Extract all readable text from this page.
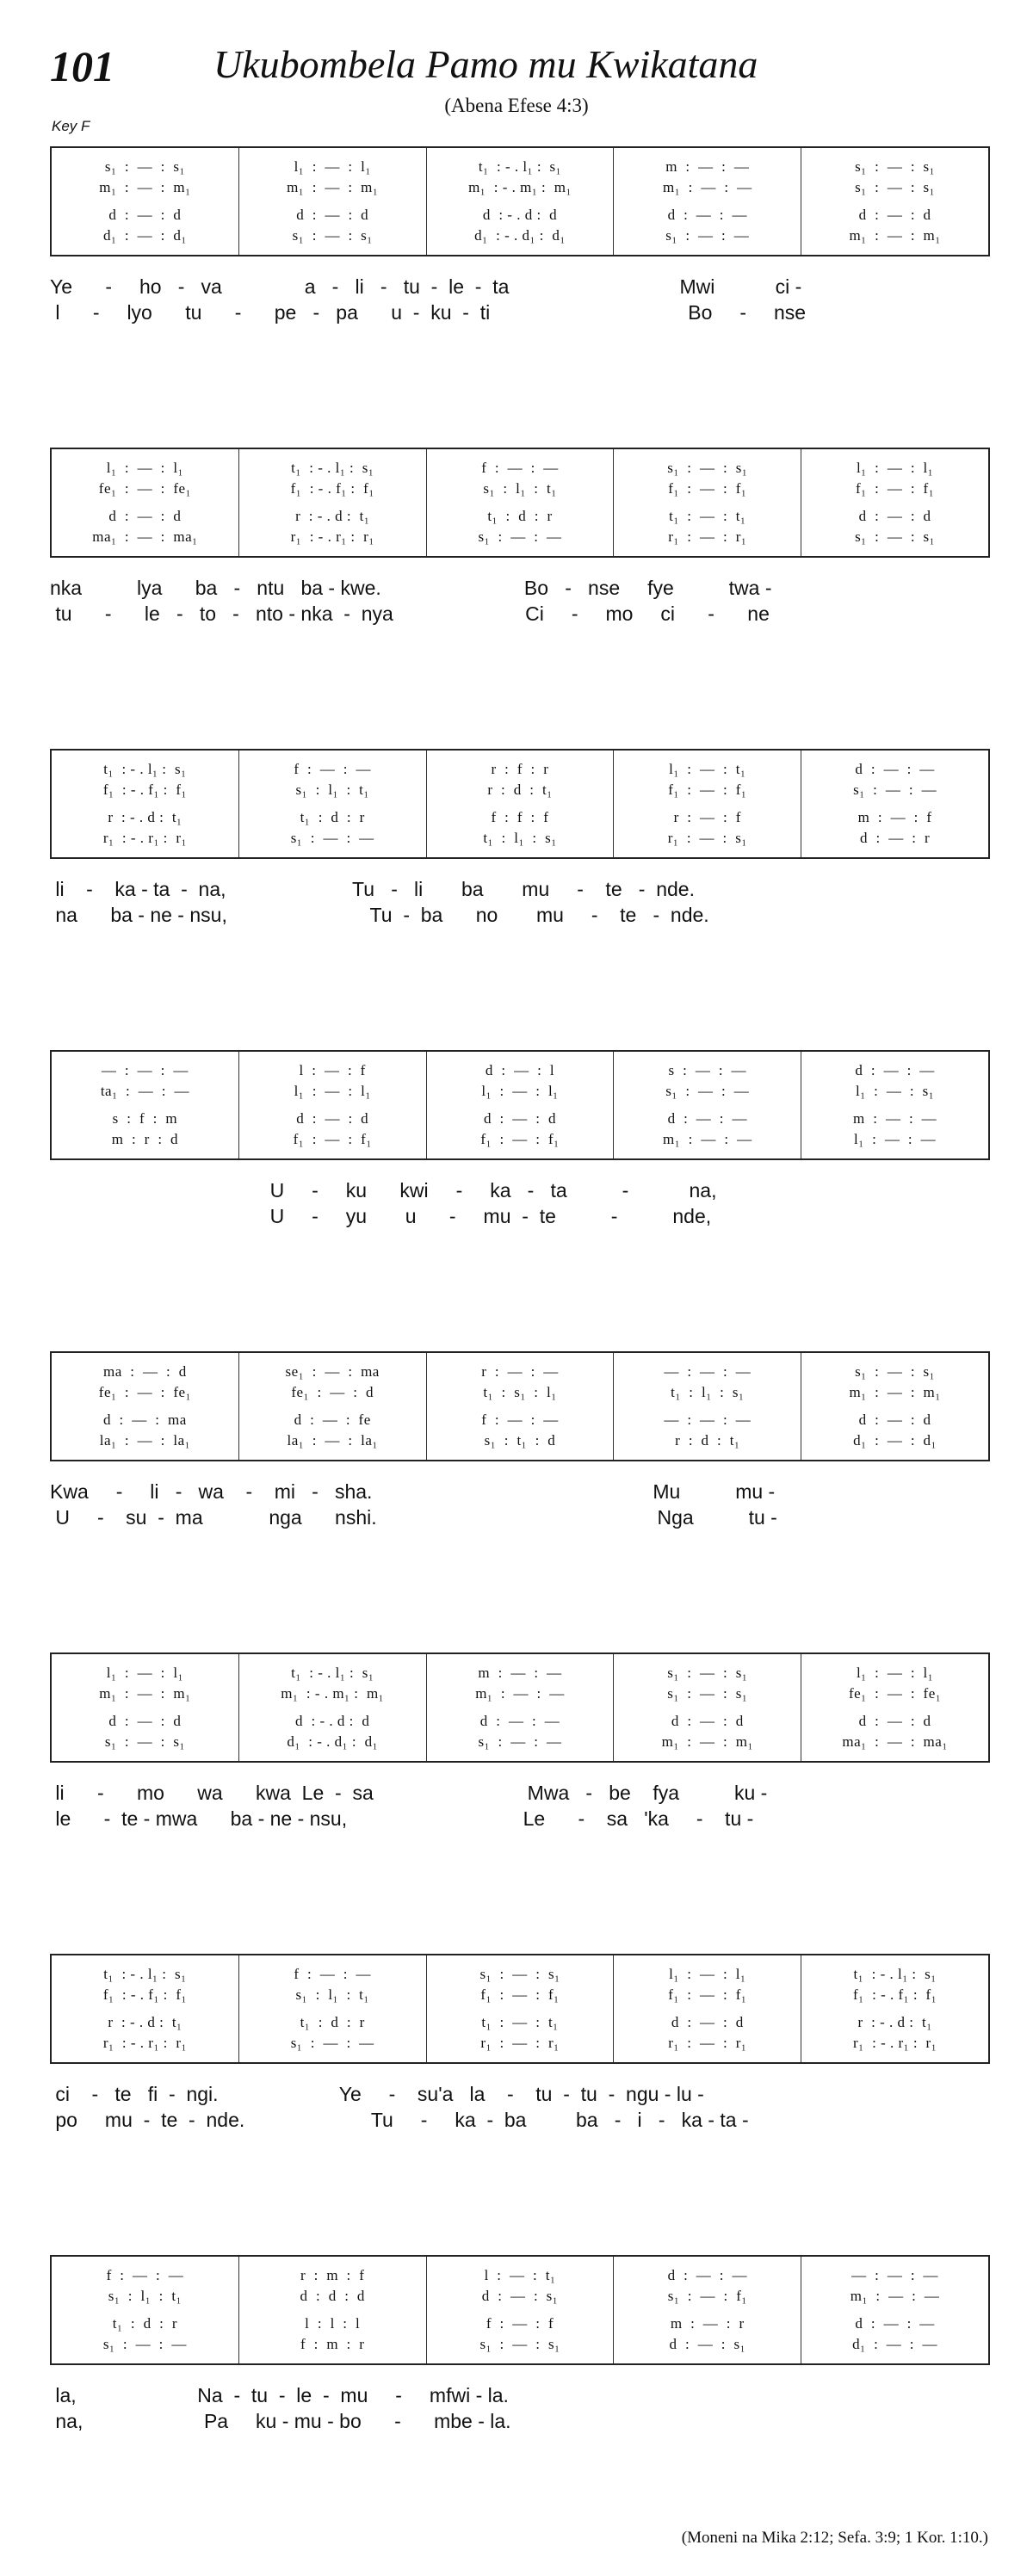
101	Ukubombela Pamo mu Kwikatana
(Abena Efese 4:3)
Key F
s₁  :  —  :  s₁
m₁  :  —  :  m₁
d  :  —  :  d
d₁  :  —  :  d₁
l₁  :  —  :  l₁
m₁  :  —  :  m₁
d  :  —  :  d
s₁  :  —  :  s₁
t₁  : - . l₁ :  s₁
m₁  : - . m₁ :  m₁
d  : - . d :  d
d₁  : - . d₁ :  d₁
m  :  —  :  —
m₁  :  —  :  —
d  :  —  :  —
s₁  :  —  :  —
s₁  :  —  :  s₁
s₁  :  —  :  s₁
d  :  —  :  d
m₁  :  —  :  m₁
Ye      -     ho   -   va               a   -   li   -   tu  -  le  -  ta                               Mwi           ci -
l      -     lyo      tu      -      pe   -   pa      u  -  ku  -  ti                                    Bo     -     nse
l₁  :  —  :  l₁
fe₁  :  —  :  fe₁
d  :  —  :  d
ma₁  :  —  :  ma₁
t₁  : - . l₁ :  s₁
f₁  : - . f₁ :  f₁
r  : - . d :  t₁
r₁  : - . r₁ :  r₁
f  :  —  :  —
s₁  :  l₁  :  t₁
t₁  :  d  :  r
s₁  :  —  :  —
s₁  :  —  :  s₁
f₁  :  —  :  f₁
t₁  :  —  :  t₁
r₁  :  —  :  r₁
l₁  :  —  :  l₁
f₁  :  —  :  f₁
d  :  —  :  d
s₁  :  —  :  s₁
nka          lya      ba   -   ntu   ba - kwe.                          Bo   -   nse     fye          twa -
tu      -      le   -   to   -   nto - nka  -  nya                        Ci     -     mo     ci      -      ne
t₁  : - . l₁ :  s₁
f₁  : - . f₁ :  f₁
r  : - . d :  t₁
r₁  : - . r₁ :  r₁
f  :  —  :  —
s₁  :  l₁  :  t₁
t₁  :  d  :  r
s₁  :  —  :  —
r  :  f  :  r
r  :  d  :  t₁
f  :  f  :  f
t₁  :  l₁  :  s₁
l₁  :  —  :  t₁
f₁  :  —  :  f₁
r  :  —  :  f
r₁  :  —  :  s₁
d  :  —  :  —
s₁  :  —  :  —
m  :  —  :  f
d  :  —  :  r
li    -    ka - ta  -  na,                       Tu   -   li       ba       mu     -    te   -  nde.
na      ba - ne - nsu,                          Tu  -  ba      no       mu     -    te   -  nde.
—  :  —  :  —
ta₁  :  —  :  —
s  :  f  :  m
m  :  r  :  d
l  :  —  :  f
l₁  :  —  :  l₁
d  :  —  :  d
f₁  :  —  :  f₁
d  :  —  :  l
l₁  :  —  :  l₁
d  :  —  :  d
f₁  :  —  :  f₁
s  :  —  :  —
s₁  :  —  :  —
d  :  —  :  —
m₁  :  —  :  —
d  :  —  :  —
l₁  :  —  :  s₁
m  :  —  :  —
l₁  :  —  :  —
U     -     ku      kwi     -     ka   -   ta          -           na,
U     -     yu       u      -     mu  -  te          -          nde,
ma  :  —  :  d
fe₁  :  —  :  fe₁
d  :  —  :  ma
la₁  :  —  :  la₁
se₁  :  —  :  ma
fe₁  :  —  :  d
d  :  —  :  fe
la₁  :  —  :  la₁
r  :  —  :  —
t₁  :  s₁  :  l₁
f  :  —  :  —
s₁  :  t₁  :  d
—  :  —  :  —
t₁  :  l₁  :  s₁
—  :  —  :  —
r  :  d  :  t₁
s₁  :  —  :  s₁
m₁  :  —  :  m₁
d  :  —  :  d
d₁  :  —  :  d₁
Kwa     -     li   -   wa    -    mi   -   sha.                                                   Mu          mu -
U     -    su  -  ma            nga      nshi.                                                   Nga          tu -
l₁  :  —  :  l₁
m₁  :  —  :  m₁
d  :  —  :  d
s₁  :  —  :  s₁
t₁  : - . l₁ :  s₁
m₁  : - . m₁ :  m₁
d  : - . d :  d
d₁  : - . d₁ :  d₁
m  :  —  :  —
m₁  :  —  :  —
d  :  —  :  —
s₁  :  —  :  —
s₁  :  —  :  s₁
s₁  :  —  :  s₁
d  :  —  :  d
m₁  :  —  :  m₁
l₁  :  —  :  l₁
fe₁  :  —  :  fe₁
d  :  —  :  d
ma₁  :  —  :  ma₁
li      -      mo      wa      kwa  Le  -  sa                            Mwa   -   be    fya          ku -
le      -  te - mwa      ba - ne - nsu,                                Le      -    sa   'ka     -    tu -
t₁  : - . l₁ :  s₁
f₁  : - . f₁ :  f₁
r  : - . d :  t₁
r₁  : - . r₁ :  r₁
f  :  —  :  —
s₁  :  l₁  :  t₁
t₁  :  d  :  r
s₁  :  —  :  —
s₁  :  —  :  s₁
f₁  :  —  :  f₁
t₁  :  —  :  t₁
r₁  :  —  :  r₁
l₁  :  —  :  l₁
f₁  :  —  :  f₁
d  :  —  :  d
r₁  :  —  :  r₁
t₁  : - . l₁ :  s₁
f₁  : - . f₁ :  f₁
r  : - . d :  t₁
r₁  : - . r₁ :  r₁
ci    -   te   fi  -  ngi.                      Ye     -    su'a   la    -    tu  -  tu  -  ngu - lu -
po     mu  -  te  -  nde.                       Tu     -     ka  -  ba         ba   -   i   -   ka - ta -
f  :  —  :  —
s₁  :  l₁  :  t₁
t₁  :  d  :  r
s₁  :  —  :  —
r  :  m  :  f
d  :  d  :  d
l  :  l  :  l
f  :  m  :  r
l  :  —  :  t₁
d  :  —  :  s₁
f  :  —  :  f
s₁  :  —  :  s₁
d  :  —  :  —
s₁  :  —  :  f₁
m  :  —  :  r
d  :  —  :  s₁
—  :  —  :  —
m₁  :  —  :  —
d  :  —  :  —
d₁  :  —  :  —
la,                      Na  -  tu  -  le  -  mu     -     mfwi - la.
na,                      Pa     ku - mu - bo      -      mbe - la.
(Moneni na Mika 2:12; Sefa. 3:9; 1 Kor. 1:10.)
